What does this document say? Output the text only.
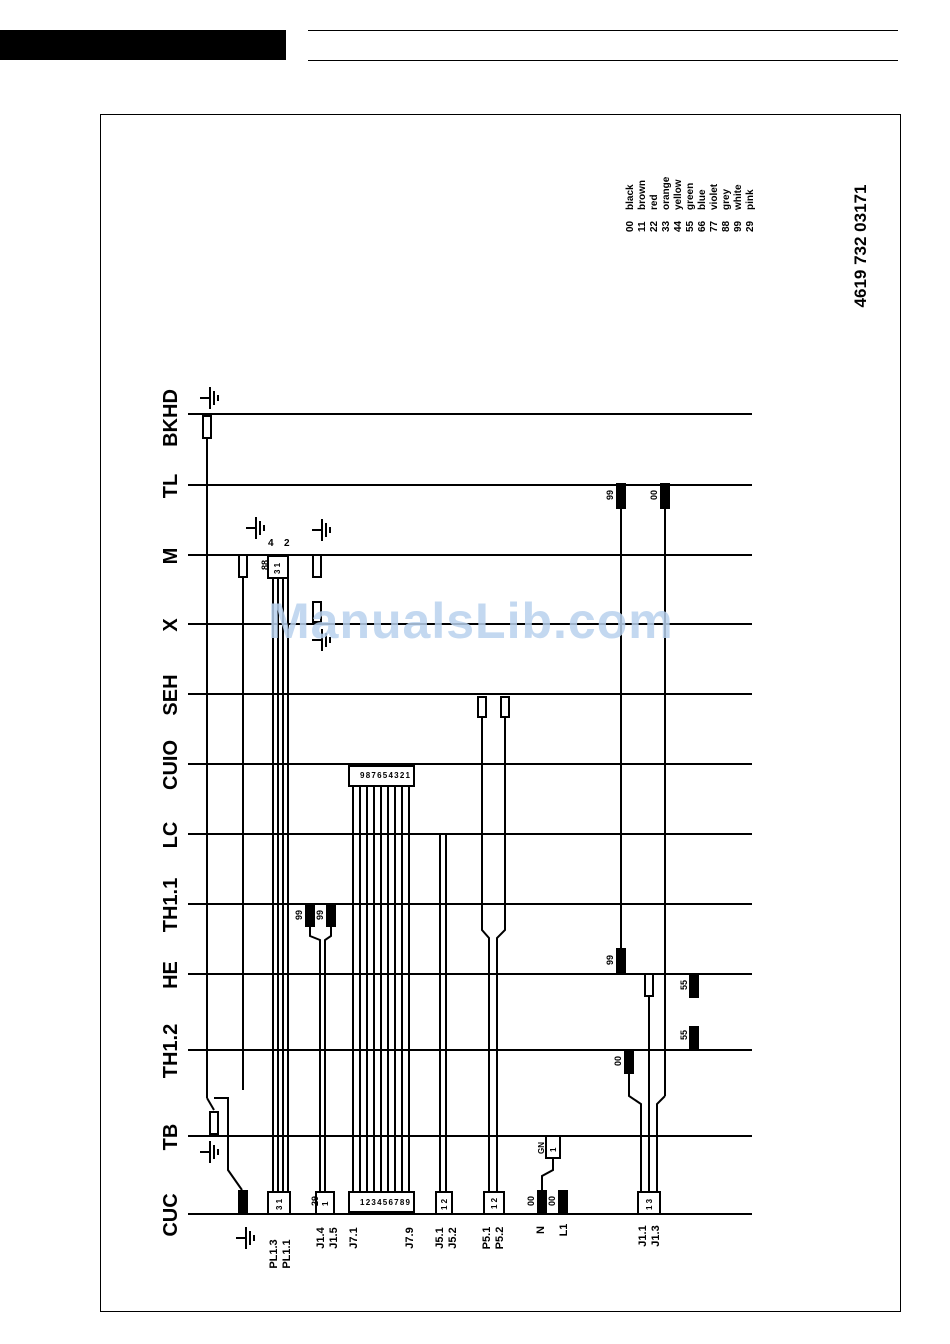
BKHD
TL
M
X
SEH
CUIO
LC
TH1.1
HE
TH1.2
TB
CUC
4619 732 03171
00
black
11
brown
22
red
33
orange
44
yellow
55
green
66
blue
77
violet
88
grey
99
white
29
pink
3 1
88
4 2
3 1	1 2
9 8 7 6 5 4 3 2 1
1 2 3 4 5 6 7 8 9	1 2
99 99
1
29
99	00
99
55
55
00
1 3
1
GN
00 00
PL1.3 PL1.1
J1.4 J1.5 J7.1	J7.9 J5.1 J5.2 P5.1 P5.2	N L1	J1.1 J1.3
ManualsLib.com
